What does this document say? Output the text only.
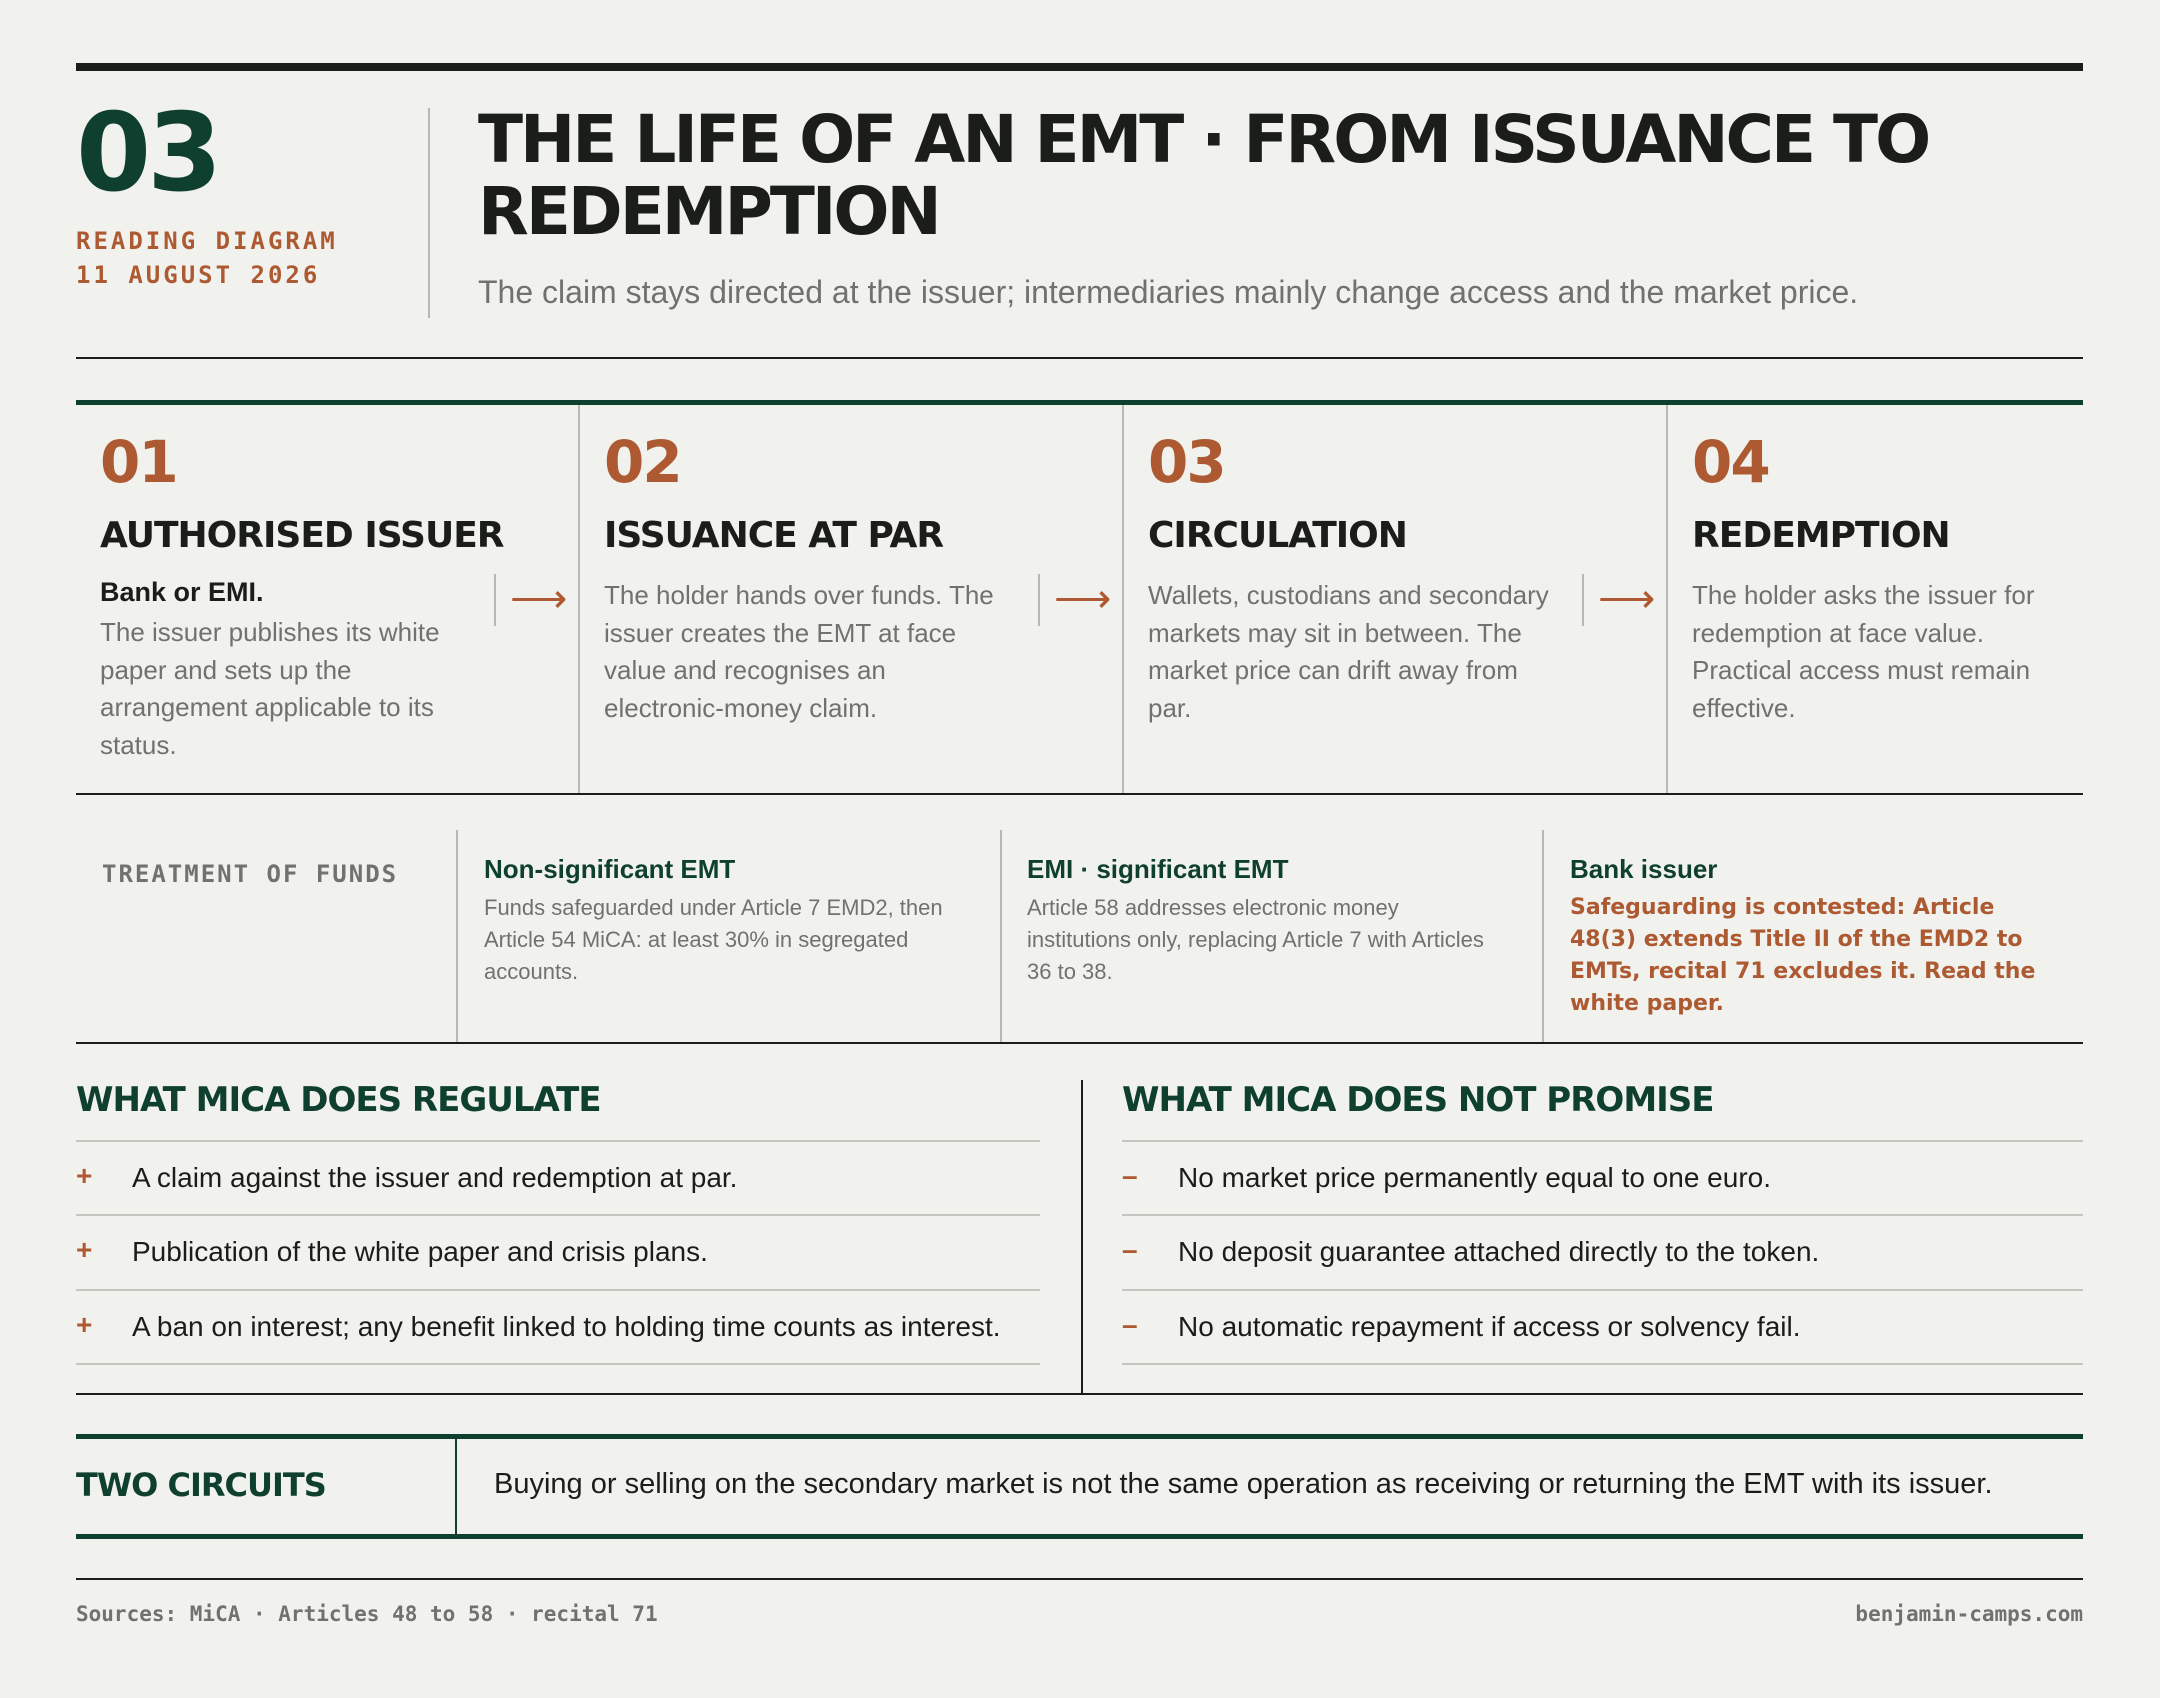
03
READING DIAGRAM
11 AUGUST 2026
THE LIFE OF AN EMT · FROM ISSUANCE TO REDEMPTION
The claim stays directed at the issuer; intermediaries mainly change access and the market price.
01
AUTHORISED ISSUER
Bank or EMI.
The issuer publishes its white paper and sets up the arrangement applicable to its status.
⟶
02
ISSUANCE AT PAR
The holder hands over funds. The issuer creates the EMT at face value and recognises an electronic-money claim.
⟶
03
CIRCULATION
Wallets, custodians and secondary markets may sit in between. The market price can drift away from par.
⟶
04
REDEMPTION
The holder asks the issuer for redemption at face value. Practical access must remain effective.
TREATMENT OF FUNDS	Non-significant EMT
Funds safeguarded under Article 7 EMD2, then Article 54 MiCA: at least 30% in segregated accounts.
EMI · significant EMT
Article 58 addresses electronic money institutions only, replacing Article 7 with Articles 36 to 38.
Bank issuer
Safeguarding is contested: Article 48(3) extends Title II of the EMD2 to EMTs, recital 71 excludes it. Read the white paper.
WHAT MICA DOES REGULATE
+ A claim against the issuer and redemption at par.
+ Publication of the white paper and crisis plans.
+ A ban on interest; any benefit linked to holding time counts as interest.
WHAT MICA DOES NOT PROMISE
– No market price permanently equal to one euro.
– No deposit guarantee attached directly to the token.
– No automatic repayment if access or solvency fail.
TWO CIRCUITS	Buying or selling on the secondary market is not the same operation as receiving or returning the EMT with its issuer.
Sources: MiCA · Articles 48 to 58 · recital 71	benjamin-camps.com
